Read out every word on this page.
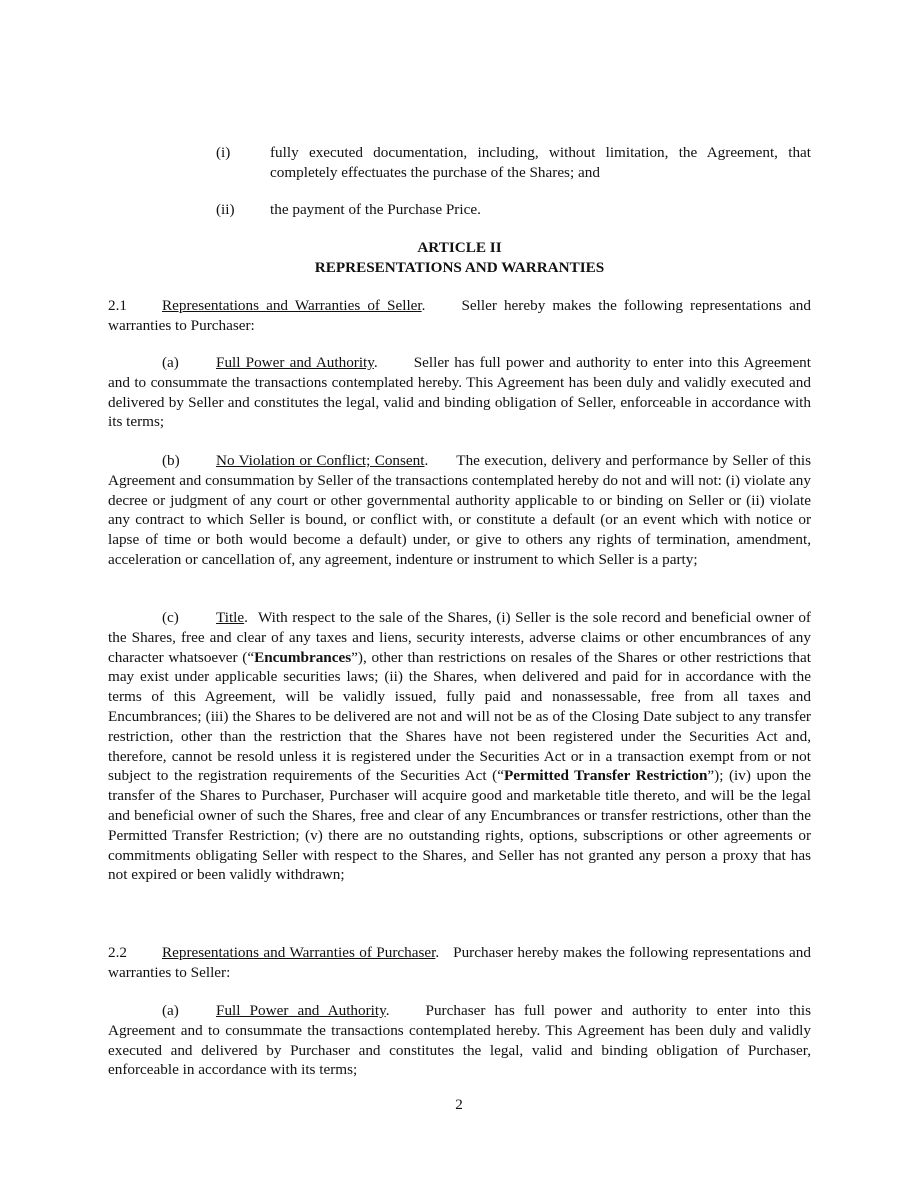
(i)	fully executed documentation, including, without limitation, the Agreement, that completely effectuates the purchase of the Shares; and
(ii) the payment of the Purchase Price.
ARTICLE II
REPRESENTATIONS AND WARRANTIES
2.1 Representations and Warranties of Seller. Seller hereby makes the following representations and warranties to Purchaser:
(a) Full Power and Authority. Seller has full power and authority to enter into this Agreement and to consummate the transactions contemplated hereby. This Agreement has been duly and validly executed and delivered by Seller and constitutes the legal, valid and binding obligation of Seller, enforceable in accordance with its terms;
(b) No Violation or Conflict; Consent. The execution, delivery and performance by Seller of this Agreement and consummation by Seller of the transactions contemplated hereby do not and will not: (i) violate any decree or judgment of any court or other governmental authority applicable to or binding on Seller or (ii) violate any contract to which Seller is bound, or conflict with, or constitute a default (or an event which with notice or lapse of time or both would become a default) under, or give to others any rights of termination, amendment, acceleration or cancellation of, any agreement, indenture or instrument to which Seller is a party;
(c) Title. With respect to the sale of the Shares, (i) Seller is the sole record and beneficial owner of the Shares, free and clear of any taxes and liens, security interests, adverse claims or other encumbrances of any character whatsoever (“Encumbrances”), other than restrictions on resales of the Shares or other restrictions that may exist under applicable securities laws; (ii) the Shares, when delivered and paid for in accordance with the terms of this Agreement, will be validly issued, fully paid and nonassessable, free from all taxes and Encumbrances; (iii) the Shares to be delivered are not and will not be as of the Closing Date subject to any transfer restriction, other than the restriction that the Shares have not been registered under the Securities Act and, therefore, cannot be resold unless it is registered under the Securities Act or in a transaction exempt from or not subject to the registration requirements of the Securities Act (“Permitted Transfer Restriction”); (iv) upon the transfer of the Shares to Purchaser, Purchaser will acquire good and marketable title thereto, and will be the legal and beneficial owner of such the Shares, free and clear of any Encumbrances or transfer restrictions, other than the Permitted Transfer Restriction; (v) there are no outstanding rights, options, subscriptions or other agreements or commitments obligating Seller with respect to the Shares, and Seller has not granted any person a proxy that has not expired or been validly withdrawn;
2.2 Representations and Warranties of Purchaser. Purchaser hereby makes the following representations and warranties to Seller:
(a) Full Power and Authority. Purchaser has full power and authority to enter into this Agreement and to consummate the transactions contemplated hereby. This Agreement has been duly and validly executed and delivered by Purchaser and constitutes the legal, valid and binding obligation of Purchaser, enforceable in accordance with its terms;
2
